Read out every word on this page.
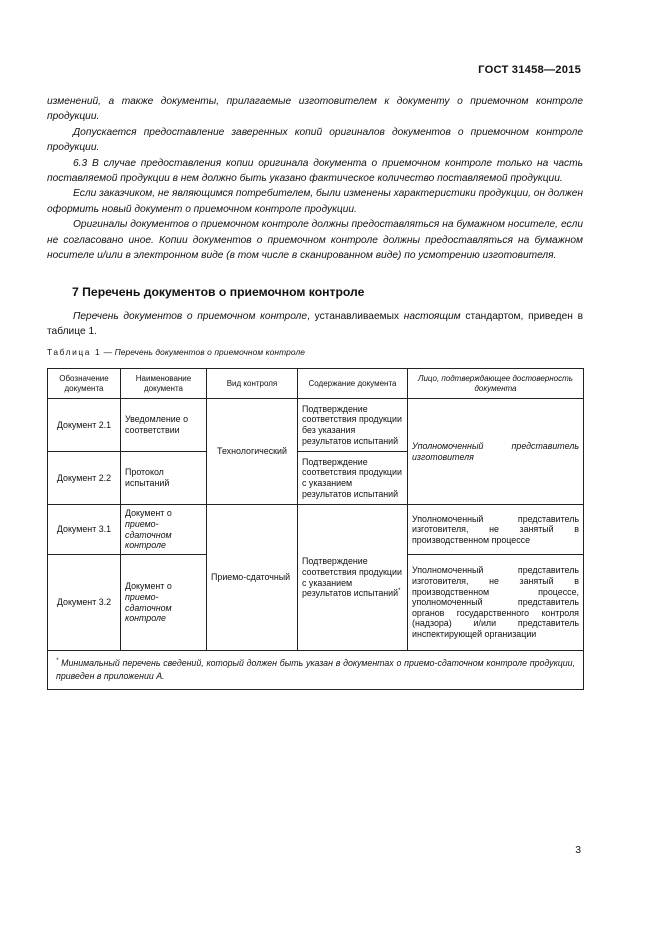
ГОСТ 31458—2015

изменений, а также документы, прилагаемые изготовителем к документу о приемочном контроле продукции.

Допускается предоставление заверенных копий оригиналов документов о приемочном контроле продукции.

6.3 В случае предоставления копии оригинала документа о приемочном контроле только на часть поставляемой продукции в нем должно быть указано фактическое количество поставляемой продукции.

Если заказчиком, не являющимся потребителем, были изменены характеристики продукции, он должен оформить новый документ о приемочном контроле продукции.

Оригиналы документов о приемочном контроле должны предоставляться на бумажном носителе, если не согласовано иное. Копии документов о приемочном контроле должны предоставляться на бумажном носителе и/или в электронном виде (в том числе в сканированном виде) по усмотрению изготовителя.

7 Перечень документов о приемочном контроле

Перечень документов о приемочном контроле, устанавливаемых настоящим стандартом, приведен в таблице 1.

Таблица 1 — Перечень документов о приемочном контроле
Обозначение документа	Наименование документа	Вид контроля	Содержание документа	Лицо, подтверждающее достоверность документа
Документ 2.1	Уведомление о соответствии	Технологический	Подтверждение соответствия продукции без указания результатов испытаний	Уполномоченный представитель изготовителя
Документ 2.2	Протокол испытаний		Подтверждение соответствия продукции с указанием результатов испытаний	
Документ 3.1	Документ о приемо-сдаточном контроле	Приемо-сдаточный	Подтверждение соответствия продукции с указанием результатов испытаний*	Уполномоченный представитель изготовителя, не занятый в производственном процессе
Документ 3.2	Документ о приемо-сдаточном контроле			Уполномоченный представитель изготовителя, не занятый в производственном процессе, уполномоченный представитель органов государственного контроля (надзора) и/или представитель инспектирующей организации
* Минимальный перечень сведений, который должен быть указан в документах о приемо-сдаточном контроле продукции, приведен в приложении А.				
3
